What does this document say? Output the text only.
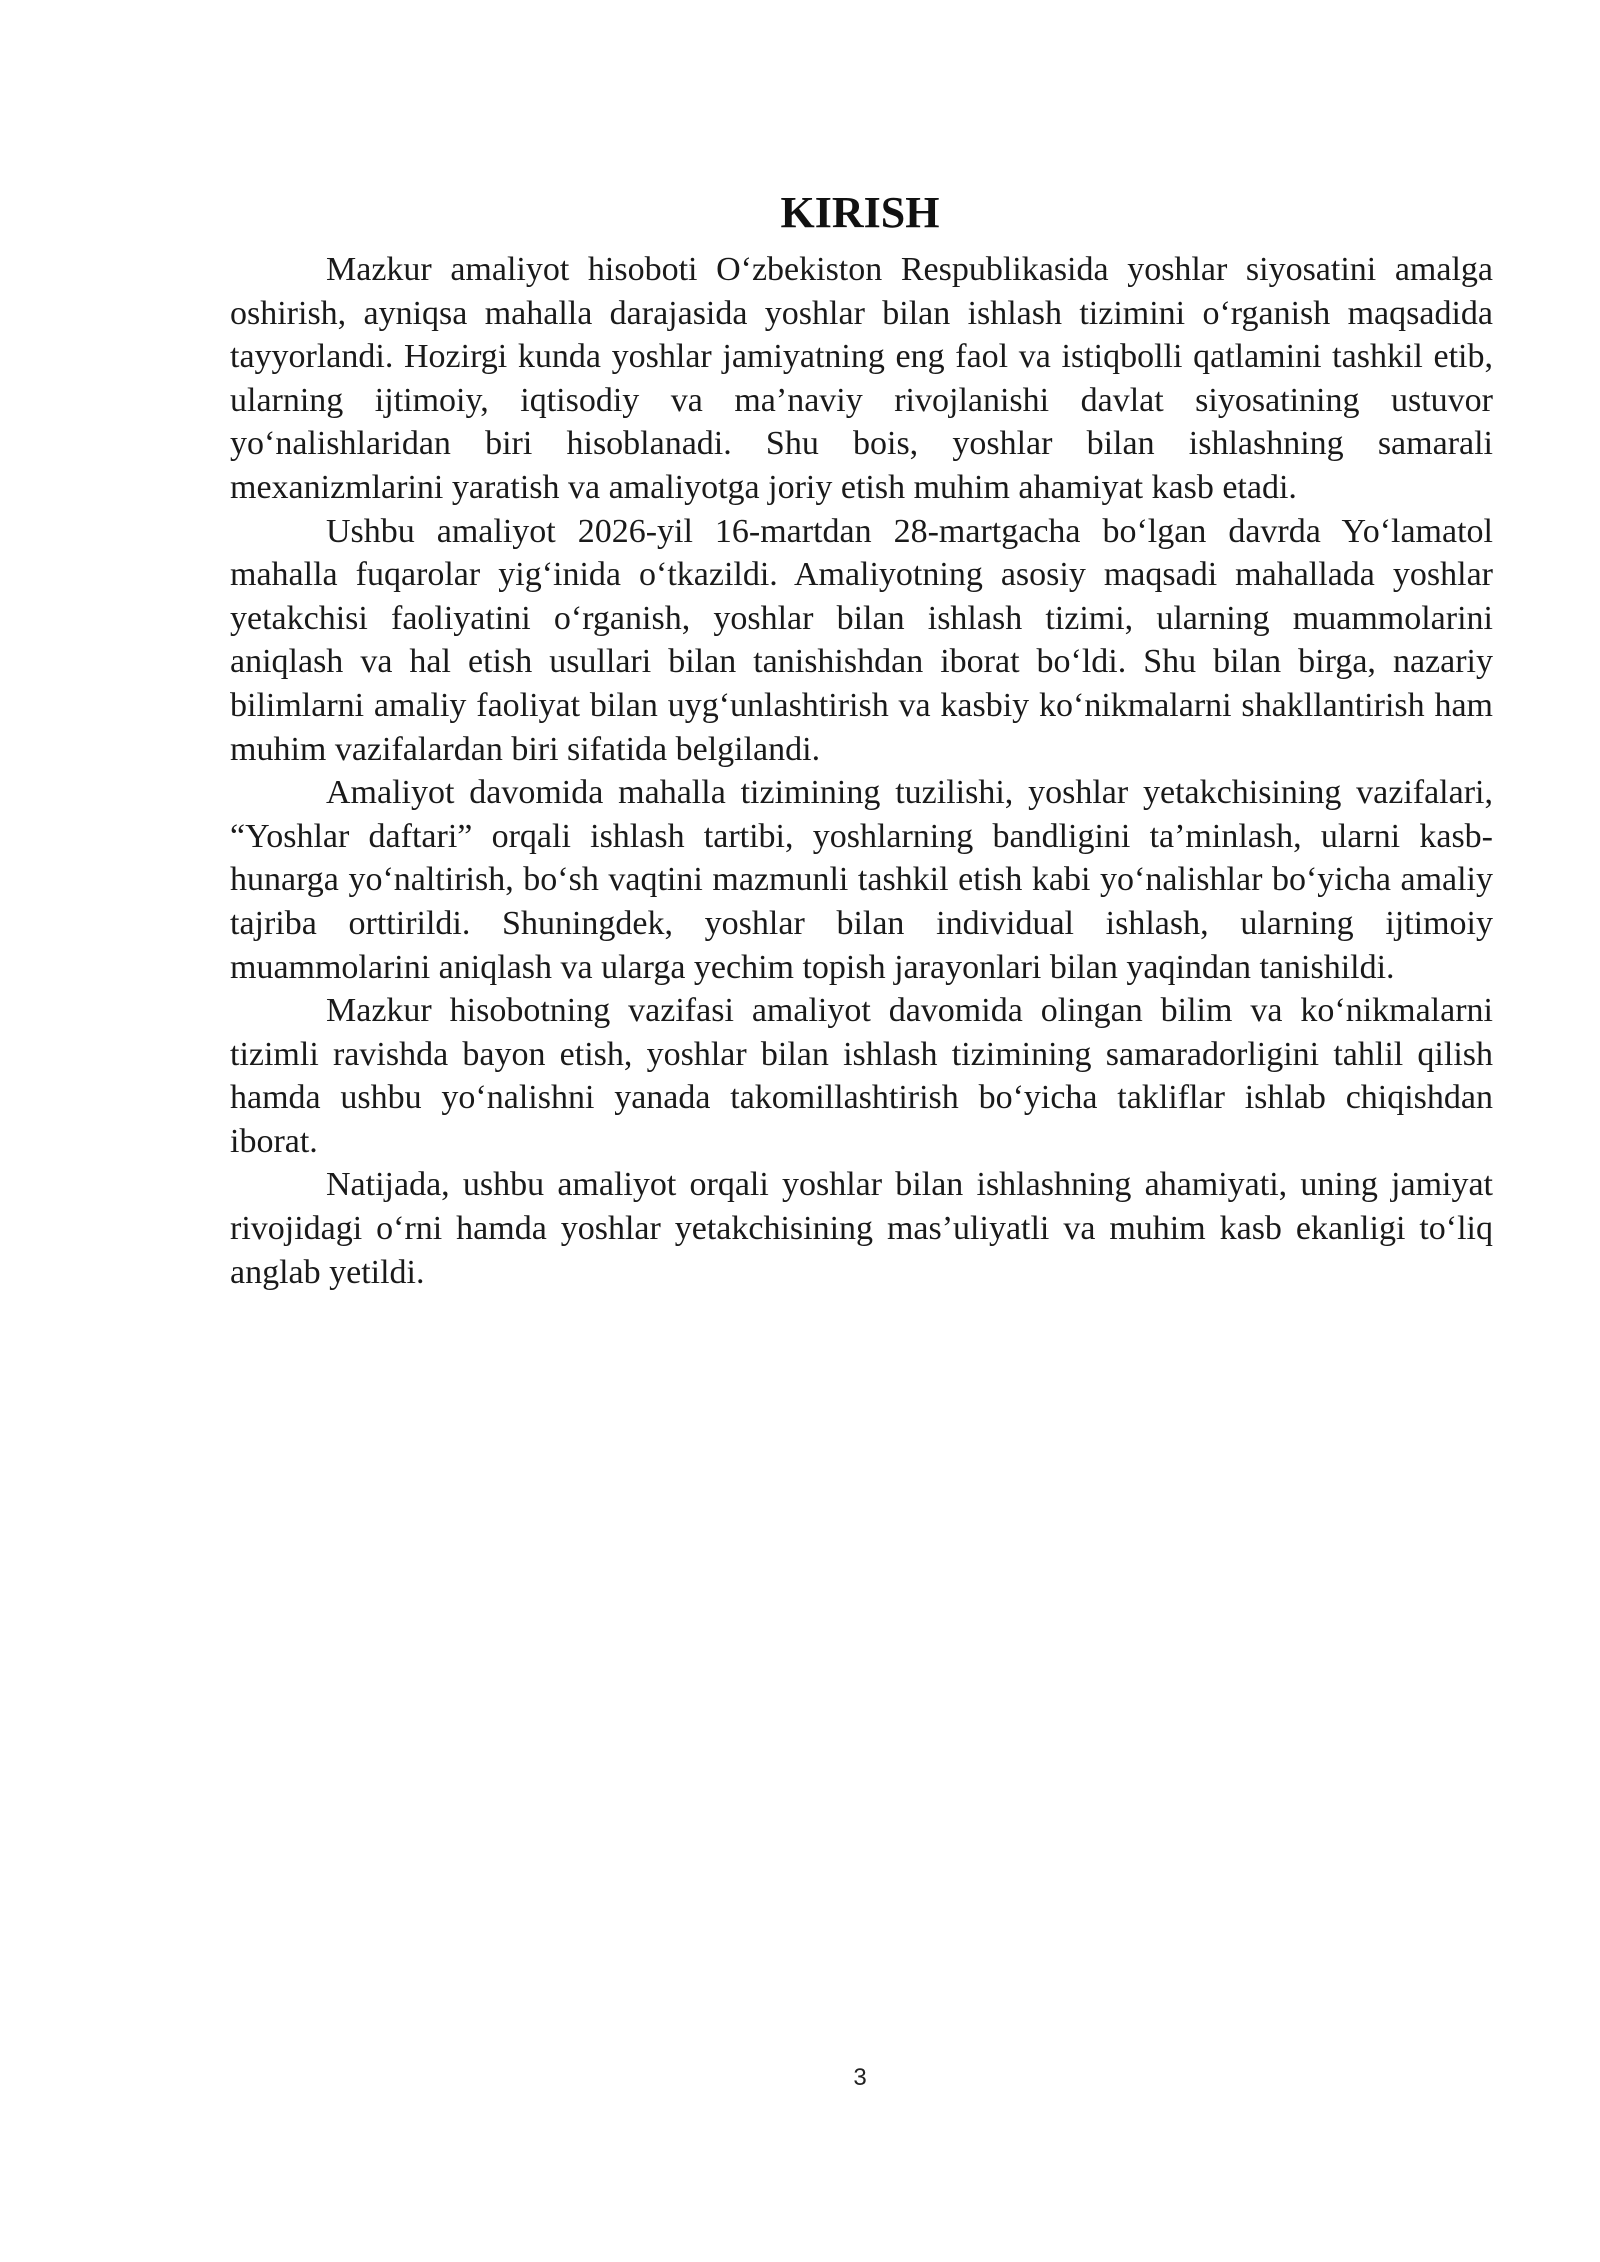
KIRISH

Mazkur amaliyot hisoboti O‘zbekiston Respublikasida yoshlar siyosatini amalga oshirish, ayniqsa mahalla darajasida yoshlar bilan ishlash tizimini o‘rganish maqsadida tayyorlandi. Hozirgi kunda yoshlar jamiyatning eng faol va istiqbolli qatlamini tashkil etib, ularning ijtimoiy, iqtisodiy va ma’naviy rivojlanishi davlat siyosatining ustuvor yo‘nalishlaridan biri hisoblanadi. Shu bois, yoshlar bilan ishlashning samarali mexanizmlarini yaratish va amaliyotga joriy etish muhim ahamiyat kasb etadi.

Ushbu amaliyot 2026-yil 16-martdan 28-martgacha bo‘lgan davrda Yo‘lamatol mahalla fuqarolar yig‘inida o‘tkazildi. Amaliyotning asosiy maqsadi mahallada yoshlar yetakchisi faoliyatini o‘rganish, yoshlar bilan ishlash tizimi, ularning muammolarini aniqlash va hal etish usullari bilan tanishishdan iborat bo‘ldi. Shu bilan birga, nazariy bilimlarni amaliy faoliyat bilan uyg‘unlashtirish va kasbiy ko‘nikmalarni shakllantirish ham muhim vazifalardan biri sifatida belgilandi.

Amaliyot davomida mahalla tizimining tuzilishi, yoshlar yetakchisining vazifalari, “Yoshlar daftari” orqali ishlash tartibi, yoshlarning bandligini ta’minlash, ularni kasb-hunarga yo‘naltirish, bo‘sh vaqtini mazmunli tashkil etish kabi yo‘nalishlar bo‘yicha amaliy tajriba orttirildi. Shuningdek, yoshlar bilan individual ishlash, ularning ijtimoiy muammolarini aniqlash va ularga yechim topish jarayonlari bilan yaqindan tanishildi.

Mazkur hisobotning vazifasi amaliyot davomida olingan bilim va ko‘nikmalarni tizimli ravishda bayon etish, yoshlar bilan ishlash tizimining samaradorligini tahlil qilish hamda ushbu yo‘nalishni yanada takomillashtirish bo‘yicha takliflar ishlab chiqishdan iborat.

Natijada, ushbu amaliyot orqali yoshlar bilan ishlashning ahamiyati, uning jamiyat rivojidagi o‘rni hamda yoshlar yetakchisining mas’uliyatli va muhim kasb ekanligi to‘liq anglab yetildi.

3
